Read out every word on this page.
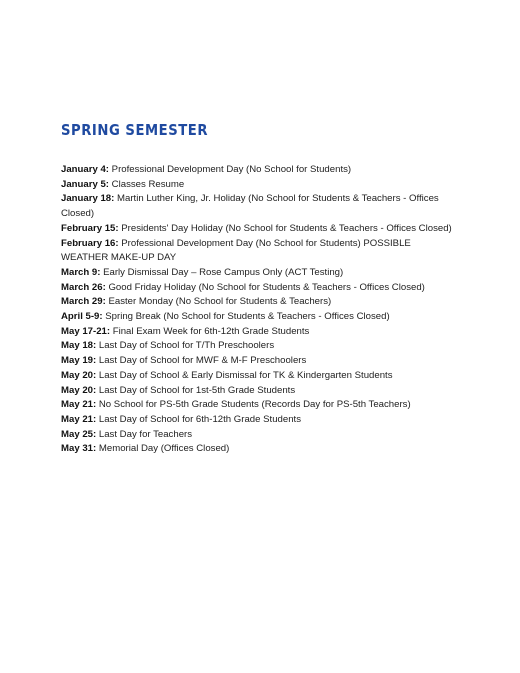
SPRING SEMESTER
January 4: Professional Development Day (No School for Students)
January 5: Classes Resume
January 18: Martin Luther King, Jr. Holiday (No School for Students & Teachers - Offices Closed)
February 15: Presidents' Day Holiday (No School for Students & Teachers - Offices Closed)
February 16: Professional Development Day (No School for Students) POSSIBLE WEATHER MAKE-UP DAY
March 9: Early Dismissal Day – Rose Campus Only (ACT Testing)
March 26: Good Friday Holiday (No School for Students & Teachers - Offices Closed)
March 29: Easter Monday (No School for Students & Teachers)
April 5-9: Spring Break (No School for Students & Teachers - Offices Closed)
May 17-21: Final Exam Week for 6th-12th Grade Students
May 18: Last Day of School for T/Th Preschoolers
May 19: Last Day of School for MWF & M-F Preschoolers
May 20: Last Day of School & Early Dismissal for TK & Kindergarten Students
May 20: Last Day of School for 1st-5th Grade Students
May 21: No School for PS-5th Grade Students (Records Day for PS-5th Teachers)
May 21: Last Day of School for 6th-12th Grade Students
May 25: Last Day for Teachers
May 31: Memorial Day (Offices Closed)
